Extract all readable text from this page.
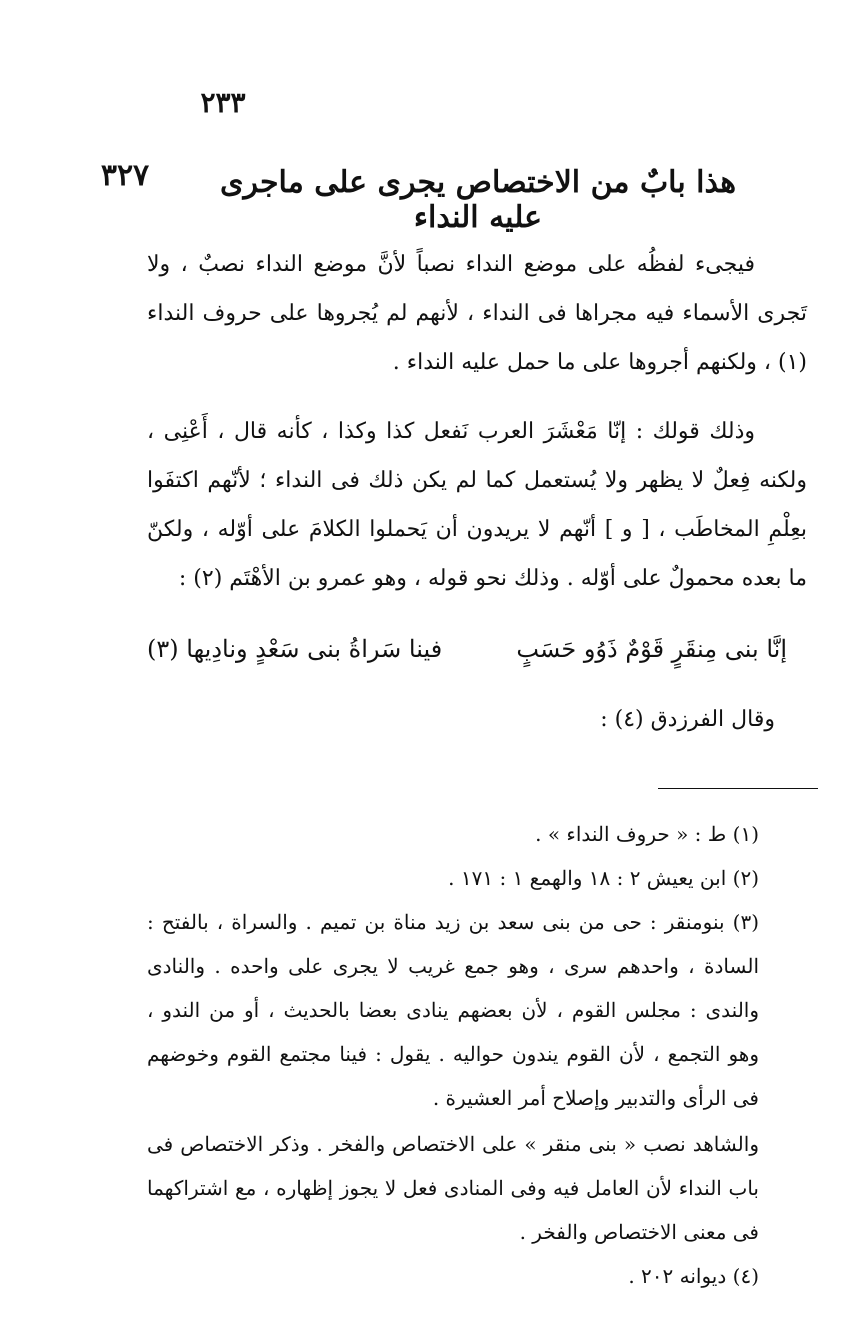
٢٣٣
٣٢٧	هذا بابٌ من الاختصاص يجرى على ماجرى عليه النداء

فيجىء لفظُه على موضع النداء نصباً لأنَّ موضع النداء نصبٌ ، ولا تَجرى الأسماء فيه مجراها فى النداء ، لأنهم لم يُجروها على حروف النداء (١) ، ولكنهم أجروها على ما حمل عليه النداء .

وذلك قولك : إنّا مَعْشَرَ العرب نَفعل كذا وكذا ، كأنه قال ، أَعْنِى ، ولكنه فِعلٌ لا يظهر ولا يُستعمل كما لم يكن ذلك فى النداء ؛ لأنّهم اكتفَوا بعِلْمِ المخاطَب ، [ و ] أنّهم لا يريدون أن يَحملوا الكلامَ على أوّله ، ولكنّ ما بعده محمولٌ على أوّله . وذلك نحو قوله ، وهو عمرو بن الأهْتَم (٢) :

إنَّا بنى مِنقَرٍ قَوْمٌ ذَوُو حَسَبٍ
فينا سَراةُ بنى سَعْدٍ ونادِيها (٣)
وقال الفرزدق (٤) :

(١) ط : « حروف النداء » .

(٢) ابن يعيش ٢ : ١٨ والهمع ١ : ١٧١ .

(٣) بنومنقر : حى من بنى سعد بن زيد مناة بن تميم . والسراة ، بالفتح : السادة ، واحدهم سرى ، وهو جمع غريب لا يجرى على واحده . والنادى والندى : مجلس القوم ، لأن بعضهم ينادى بعضا بالحديث ، أو من الندو ، وهو التجمع ، لأن القوم يندون حواليه . يقول : فينا مجتمع القوم وخوضهم فى الرأى والتدبير وإصلاح أمر العشيرة .

والشاهد نصب « بنى منقر » على الاختصاص والفخر . وذكر الاختصاص فى باب النداء لأن العامل فيه وفى المنادى فعل لا يجوز إظهاره ، مع اشتراكهما فى معنى الاختصاص والفخر .

(٤) ديوانه ٢٠٢ .
